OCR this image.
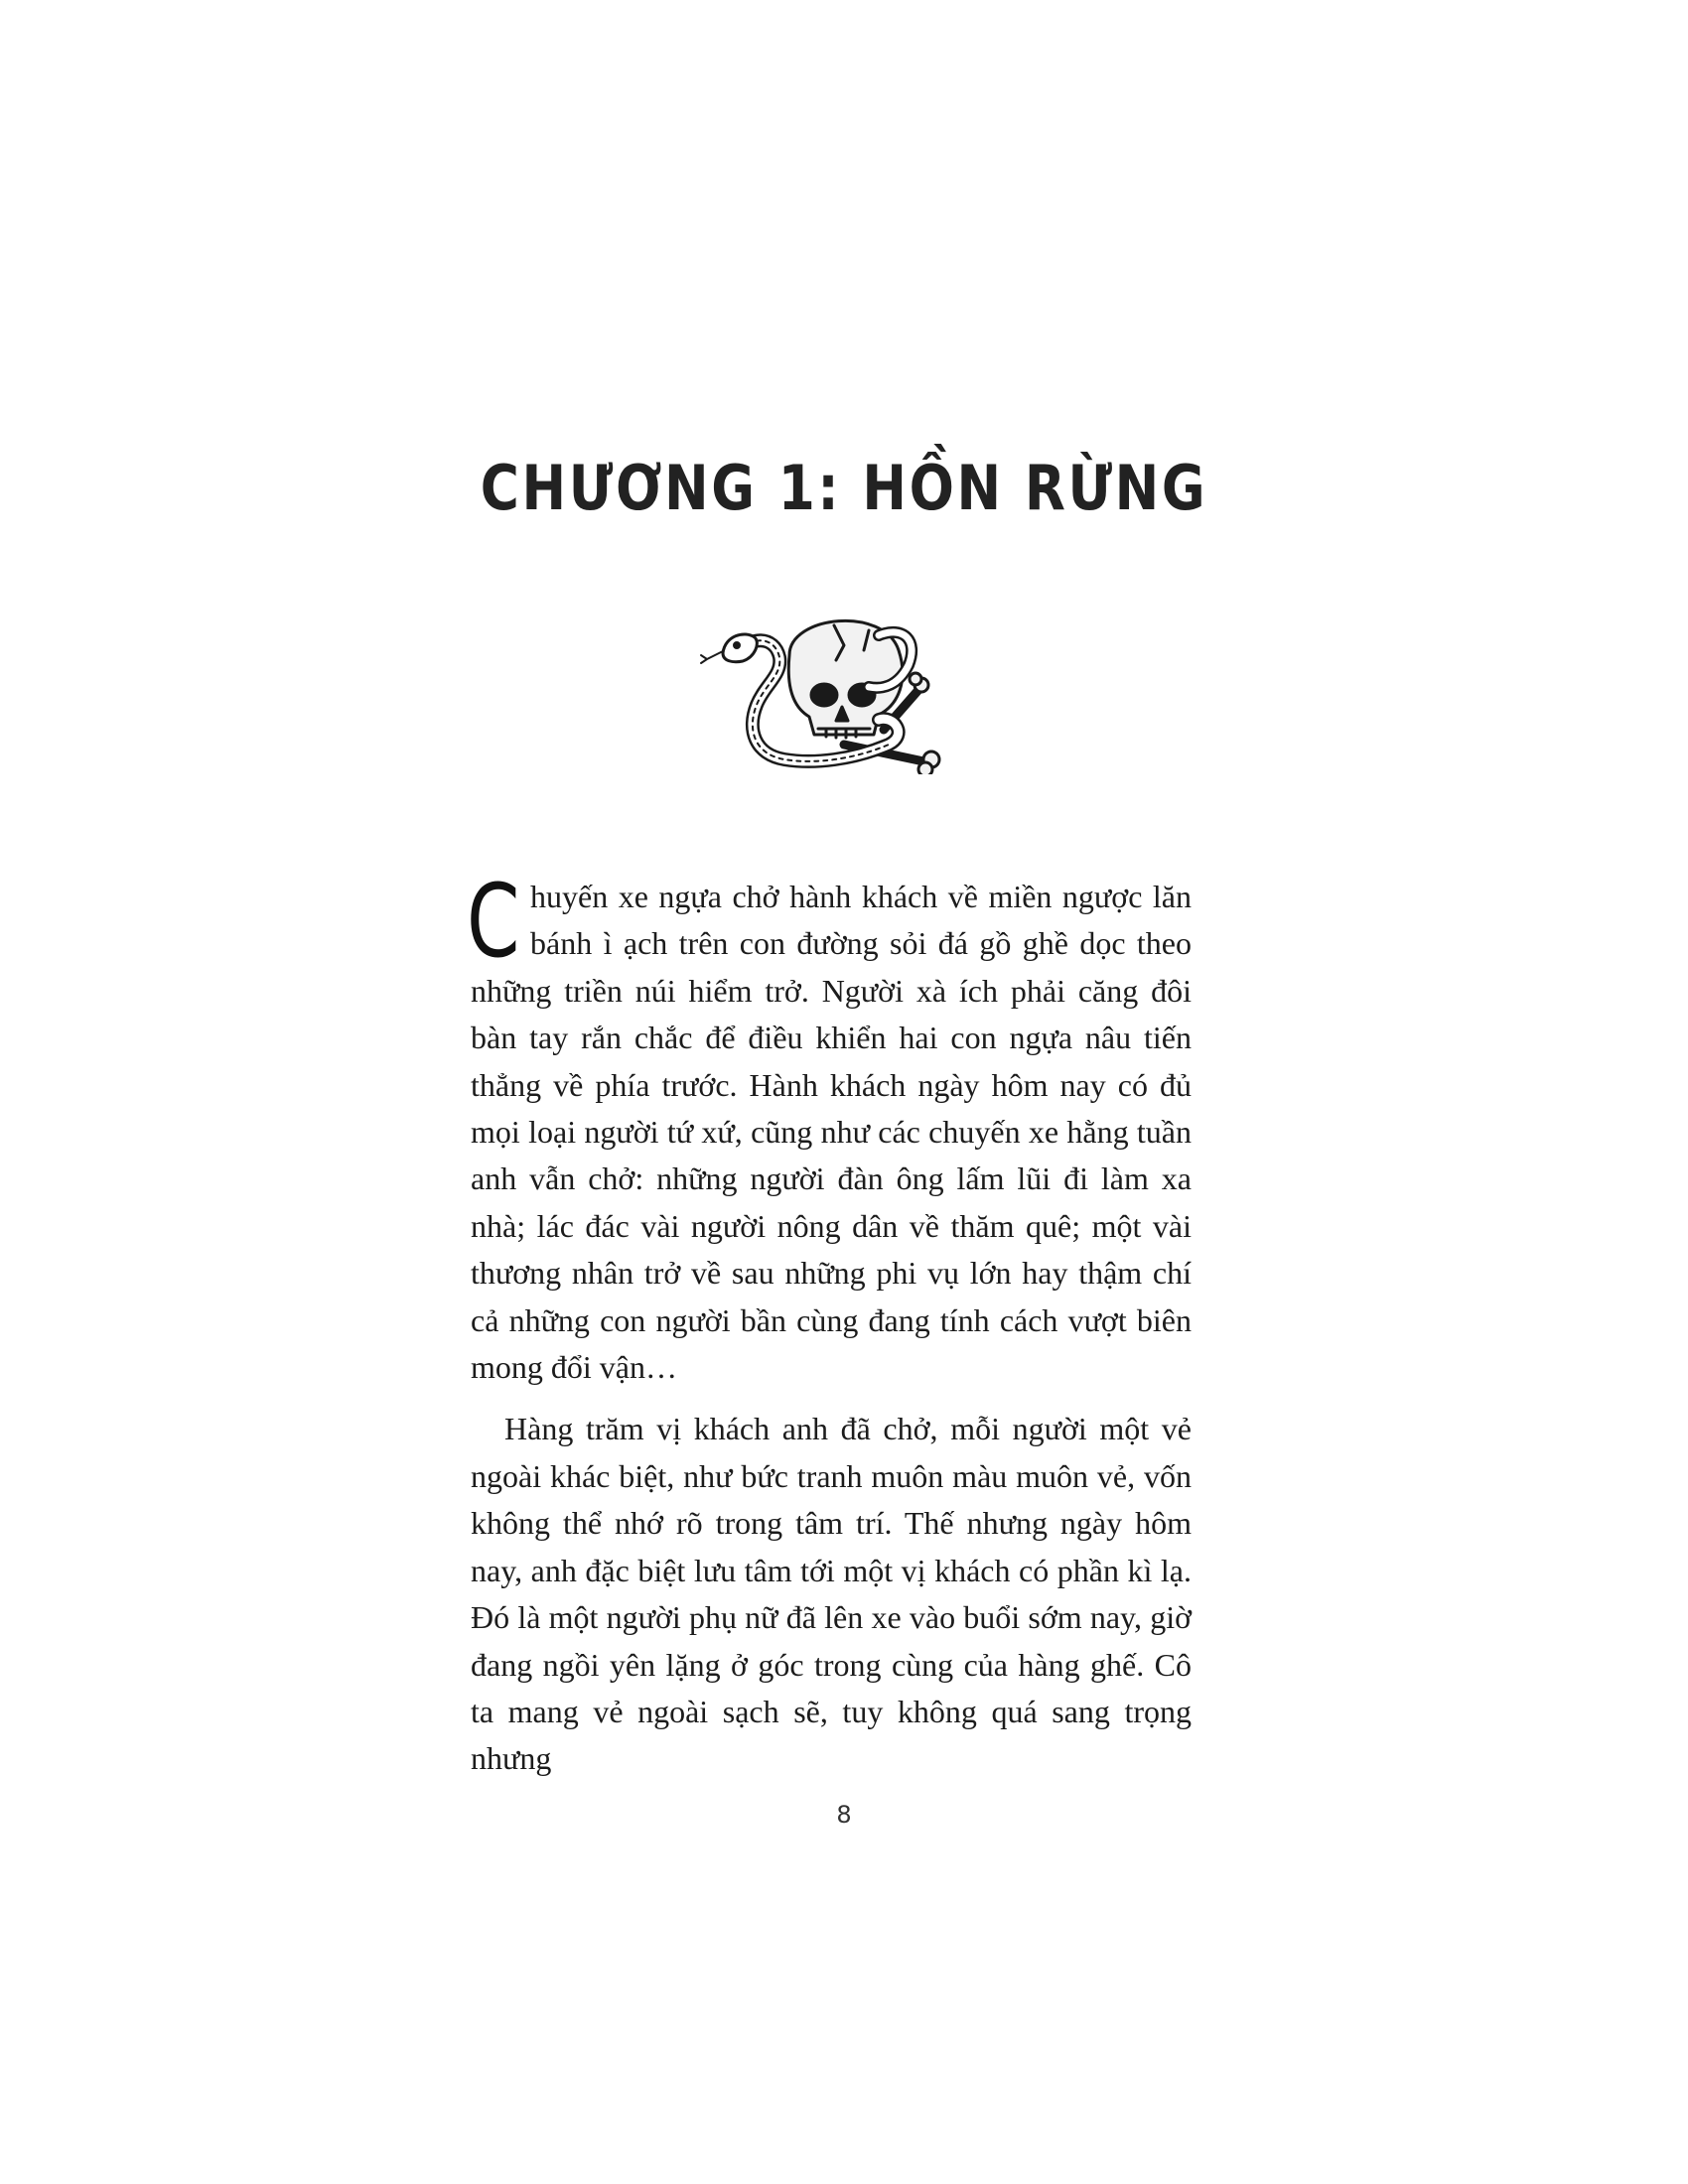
CHƯƠNG 1: HỒN RỪNG

Chuyến xe ngựa chở hành khách về miền ngược lăn bánh ì ạch trên con đường sỏi đá gồ ghề dọc theo những triền núi hiểm trở. Người xà ích phải căng đôi bàn tay rắn chắc để điều khiển hai con ngựa nâu tiến thẳng về phía trước. Hành khách ngày hôm nay có đủ mọi loại người tứ xứ, cũng như các chuyến xe hằng tuần anh vẫn chở: những người đàn ông lấm lũi đi làm xa nhà; lác đác vài người nông dân về thăm quê; một vài thương nhân trở về sau những phi vụ lớn hay thậm chí cả những con người bần cùng đang tính cách vượt biên mong đổi vận…

Hàng trăm vị khách anh đã chở, mỗi người một vẻ ngoài khác biệt, như bức tranh muôn màu muôn vẻ, vốn không thể nhớ rõ trong tâm trí. Thế nhưng ngày hôm nay, anh đặc biệt lưu tâm tới một vị khách có phần kì lạ. Đó là một người phụ nữ đã lên xe vào buổi sớm nay, giờ đang ngồi yên lặng ở góc trong cùng của hàng ghế. Cô ta mang vẻ ngoài sạch sẽ, tuy không quá sang trọng nhưng

8
